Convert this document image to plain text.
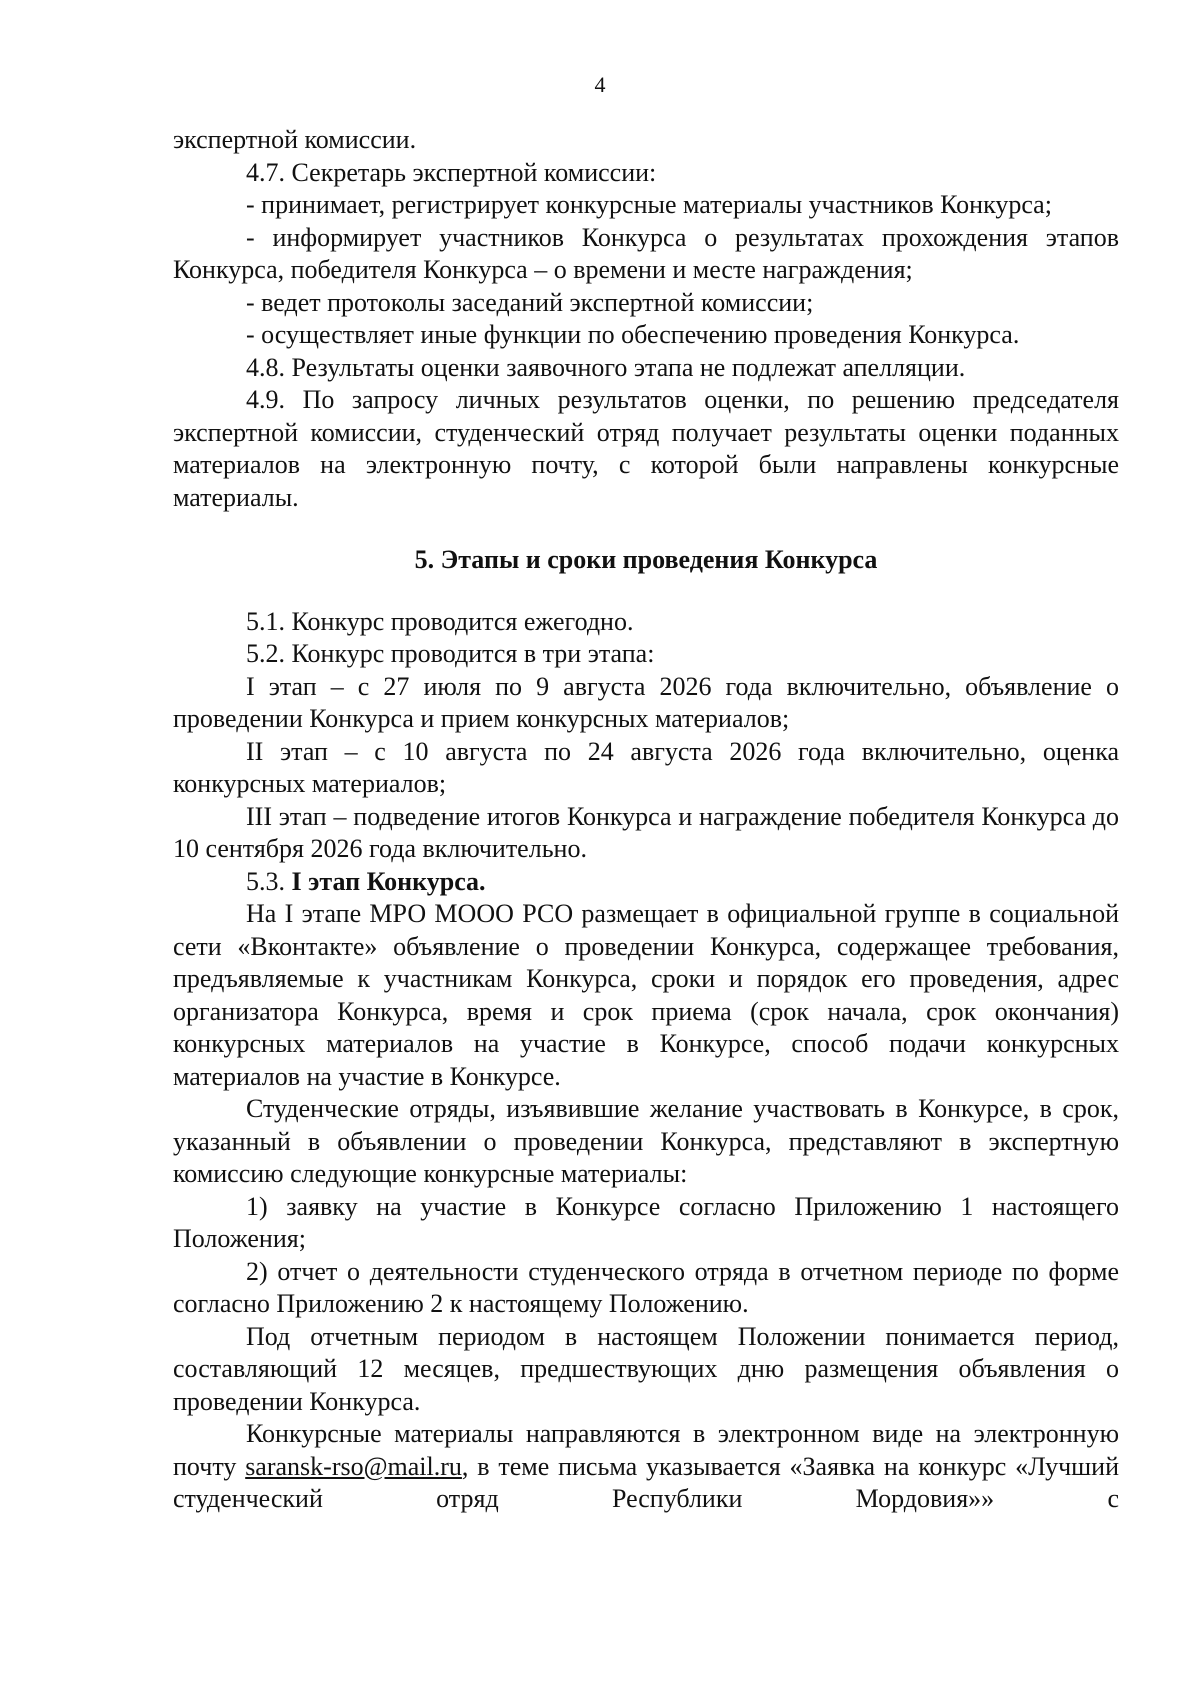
4

экспертной комиссии.

4.7. Секретарь экспертной комиссии:

- принимает, регистрирует конкурсные материалы участников Конкурса;

- информирует участников Конкурса о результатах прохождения этапов Конкурса, победителя Конкурса – о времени и месте награждения;

- ведет протоколы заседаний экспертной комиссии;

- осуществляет иные функции по обеспечению проведения Конкурса.

4.8. Результаты оценки заявочного этапа не подлежат апелляции.

4.9. По запросу личных результатов оценки, по решению председателя экспертной комиссии, студенческий отряд получает результаты оценки поданных материалов на электронную почту, с которой были направлены конкурсные материалы.

5. Этапы и сроки проведения Конкурса

5.1. Конкурс проводится ежегодно.

5.2. Конкурс проводится в три этапа:

I этап – с 27 июля по 9 августа 2026 года включительно, объявление о проведении Конкурса и прием конкурсных материалов;

II этап – с 10 августа по 24 августа 2026 года включительно, оценка конкурсных материалов;

III этап – подведение итогов Конкурса и награждение победителя Конкурса до 10 сентября 2026 года включительно.

5.3. I этап Конкурса.

На I этапе МРО МООО РСО размещает в официальной группе в социальной сети «Вконтакте» объявление о проведении Конкурса, содержащее требования, предъявляемые к участникам Конкурса, сроки и порядок его проведения, адрес организатора Конкурса, время и срок приема (срок начала, срок окончания) конкурсных материалов на участие в Конкурсе, способ подачи конкурсных материалов на участие в Конкурсе.

Студенческие отряды, изъявившие желание участвовать в Конкурсе, в срок, указанный в объявлении о проведении Конкурса, представляют в экспертную комиссию следующие конкурсные материалы:

1) заявку на участие в Конкурсе согласно Приложению 1 настоящего Положения;

2) отчет о деятельности студенческого отряда в отчетном периоде по форме согласно Приложению 2 к настоящему Положению.

Под отчетным периодом в настоящем Положении понимается период, составляющий 12 месяцев, предшествующих дню размещения объявления о проведении Конкурса.

Конкурсные материалы направляются в электронном виде на электронную почту saransk-rso@mail.ru, в теме письма указывается «Заявка на конкурс «Лучший студенческий отряд Республики Мордовия»» с
